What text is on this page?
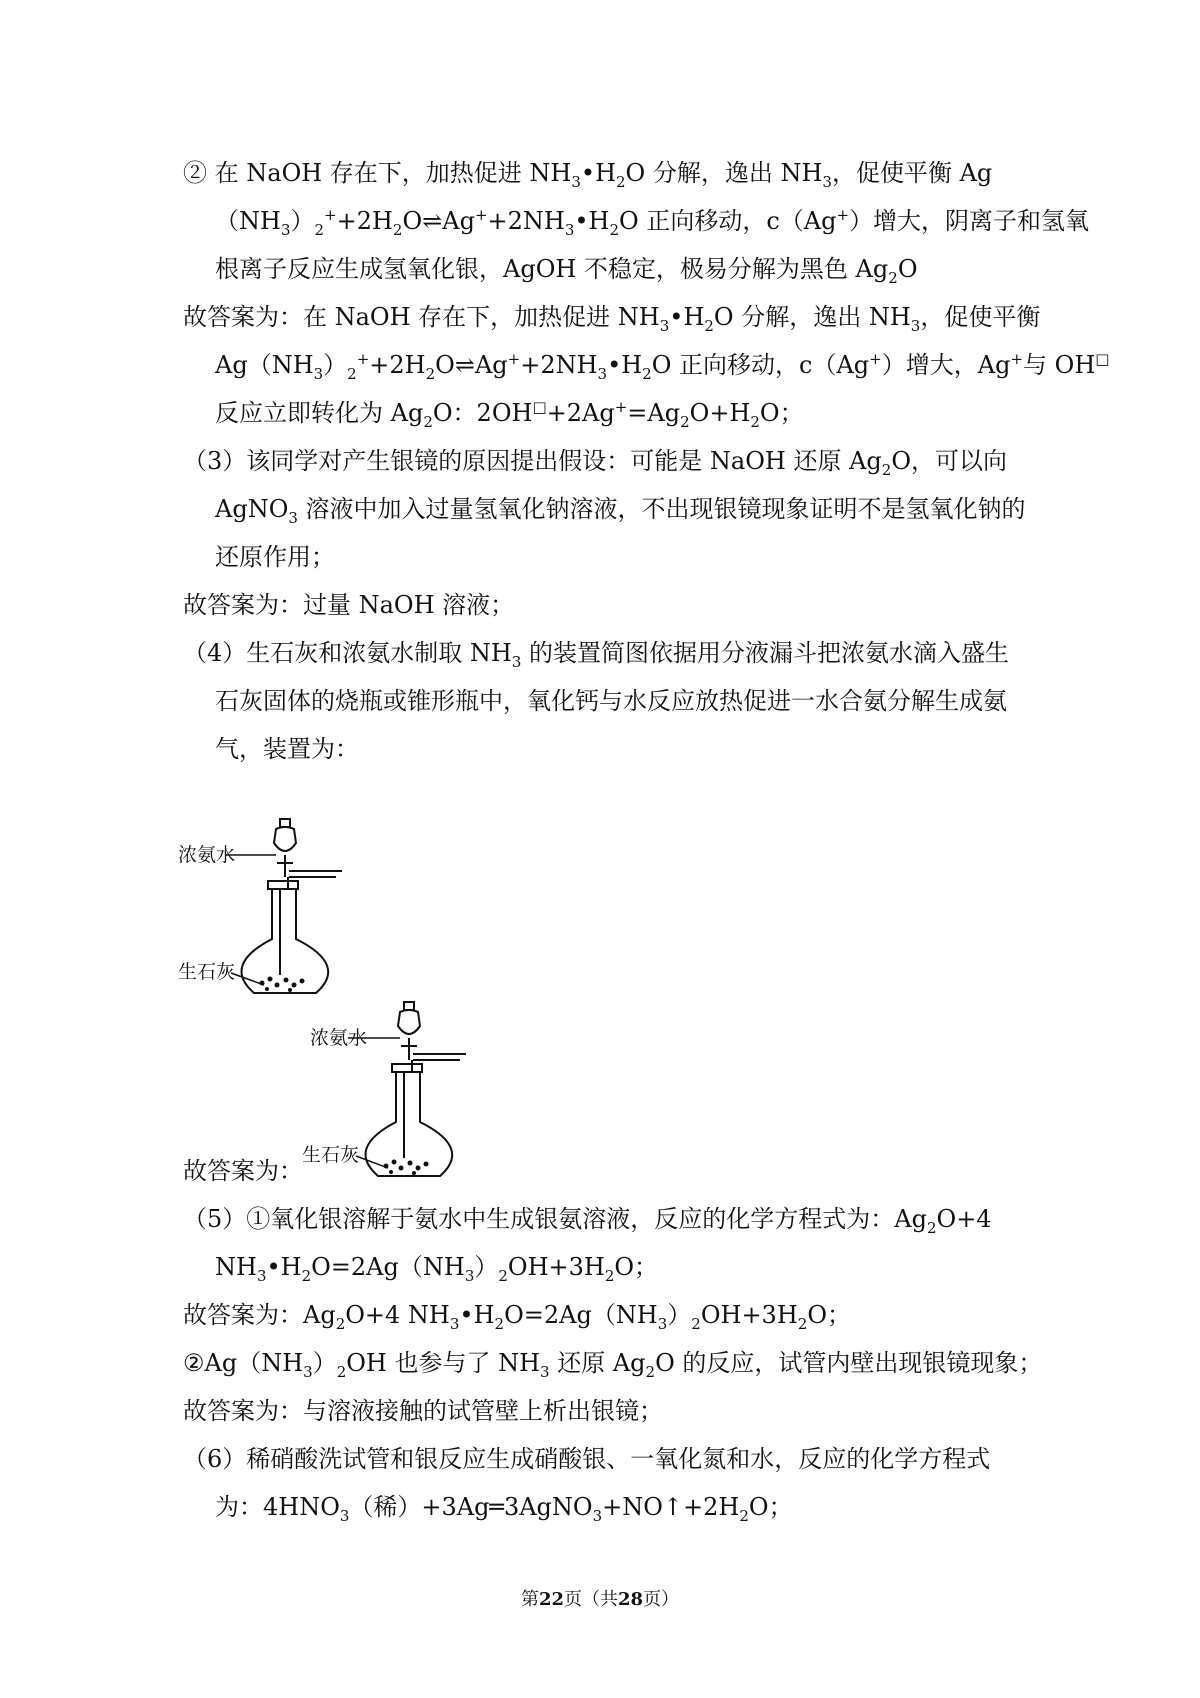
② 在 NaOH 存在下，加热促进 $NH_3•H_2O$ 分解，逸出 $NH_3$，促使平衡 Ag
$(NH_3)_2^++2H_2O\rightleftharpoons Ag^++2NH_3•H_2O$ 正向移动，c（Ag+）增大，阴离子和氢氧
根离子反应生成氢氧化银，AgOH 不稳定，极易分解为黑色 $Ag_2O$
故答案为：在 NaOH 存在下，加热促进 $NH_3•H_2O$ 分解，逸出 $NH_3$，促使平衡
$Ag(NH_3)_2^++2H_2O\rightleftharpoons Ag^++2NH_3•H_2O$ 正向移动，c（Ag+）增大，Ag+与 OH□
反应立即转化为 $Ag_2O$：$2OH^□+2Ag^+=Ag_2O+H_2O$；
（3）该同学对产生银镜的原因提出假设：可能是 NaOH 还原 $Ag_2O$，可以向
AgNO$_3$ 溶液中加入过量氢氧化钠溶液，不出现银镜现象证明不是氢氧化钠的
还原作用；
故答案为：过量 NaOH 溶液；
（4）生石灰和浓氨水制取 $NH_3$ 的装置简图依据用分液漏斗把浓氨水滴入盛生
石灰固体的烧瓶或锥形瓶中，氧化钙与水反应放热促进一水合氨分解生成氨
气，装置为：
故答案为：
（5）①氧化银溶解于氨水中生成银氨溶液，反应的化学方程式为：$Ag_2O+4$
$NH_3•H_2O=2Ag(NH_3)_2OH+3H_2O$；
故答案为：$Ag_2O+4$ $NH_3•H_2O=2Ag(NH_3)_2OH+3H_2O$；
$②Ag(NH_3)_2OH$ 也参与了 $NH_3$ 还原 $Ag_2O$ 的反应，试管内壁出现银镜现象；
故答案为：与溶液接触的试管壁上析出银镜；
（6）稀硝酸洗试管和银反应生成硝酸银、一氧化氮和水，反应的化学方程式
为：$4HNO_3$（稀）$+3Ag═3AgNO_3+NO↑+2H_2O$；
浓氨水
生石灰
浓氨水
生石灰
第22页（共28页）
